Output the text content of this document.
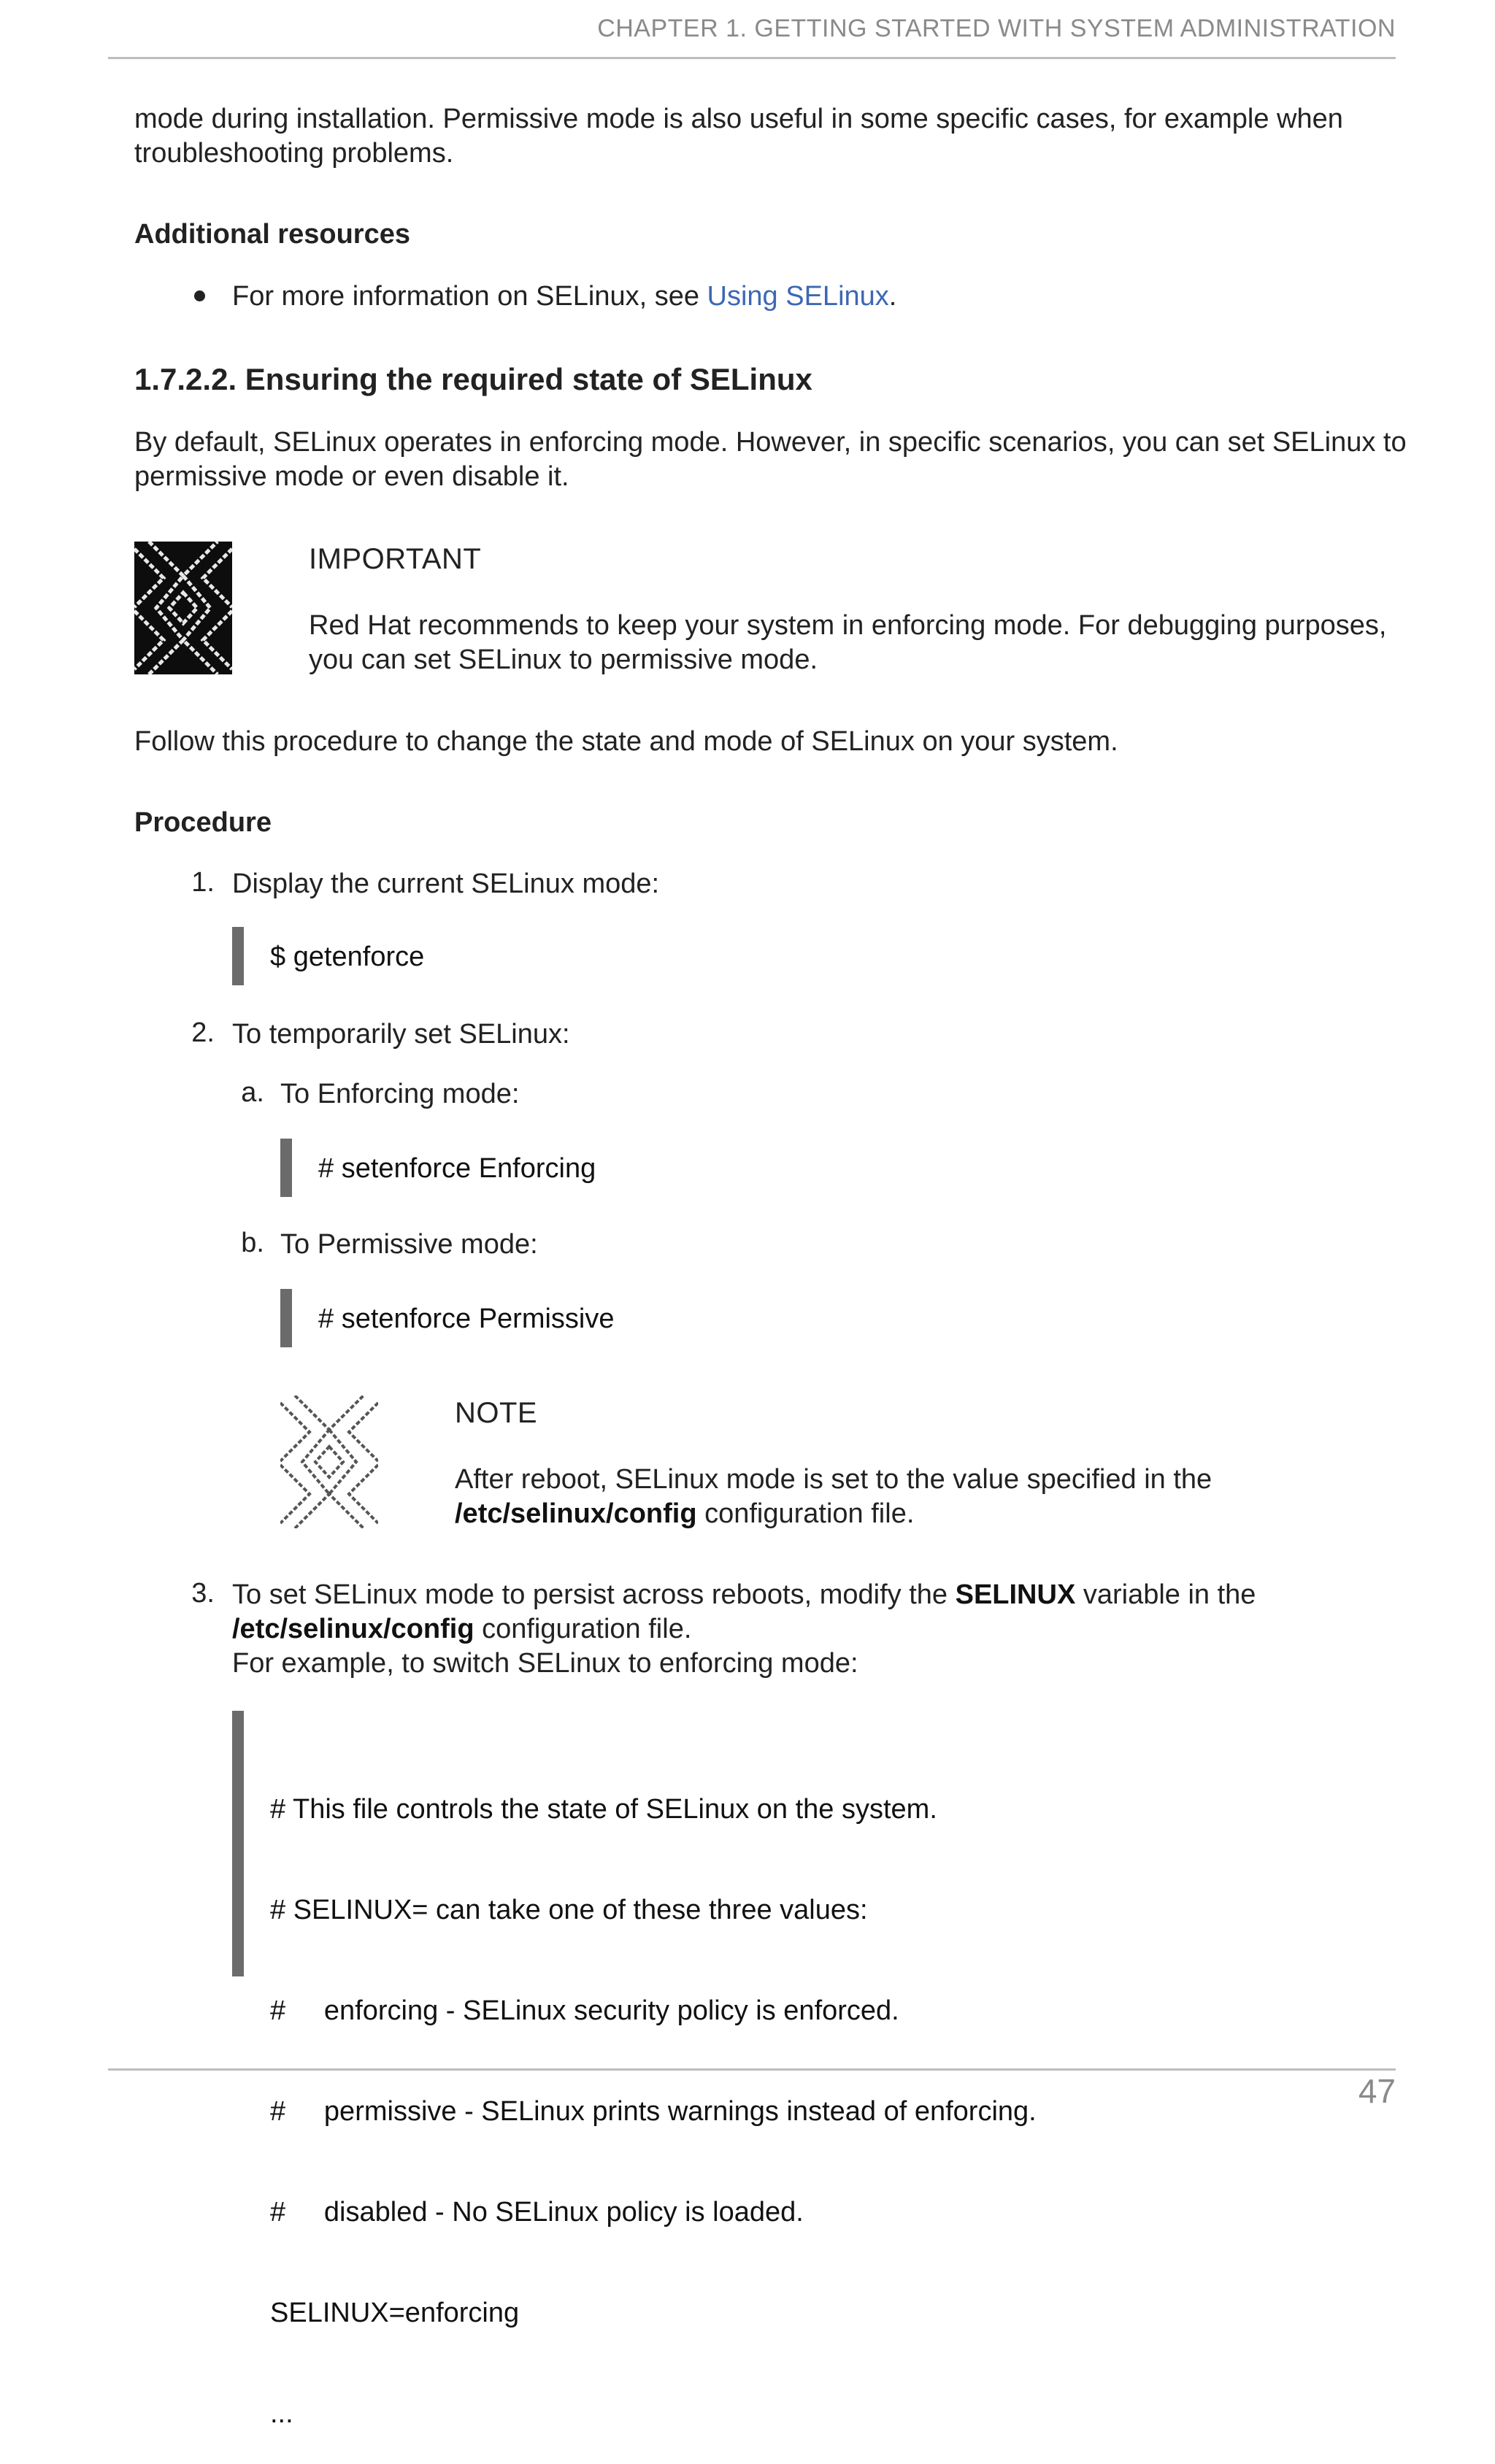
CHAPTER 1. GETTING STARTED WITH SYSTEM ADMINISTRATION
mode during installation. Permissive mode is also useful in some specific cases, for example when
troubleshooting problems.
Additional resources
For more information on SELinux, see Using SELinux.
1.7.2.2. Ensuring the required state of SELinux
By default, SELinux operates in enforcing mode. However, in specific scenarios, you can set SELinux to
permissive mode or even disable it.
IMPORTANT
Red Hat recommends to keep your system in enforcing mode. For debugging purposes,
you can set SELinux to permissive mode.
Follow this procedure to change the state and mode of SELinux on your system.
Procedure
1. Display the current SELinux mode:
$ getenforce
2. To temporarily set SELinux:
a. To Enforcing mode:
# setenforce Enforcing
b. To Permissive mode:
# setenforce Permissive
NOTE
After reboot, SELinux mode is set to the value specified in the
/etc/selinux/config configuration file.
3. To set SELinux mode to persist across reboots, modify the SELINUX variable in the
/etc/selinux/config configuration file.
For example, to switch SELinux to enforcing mode:

# This file controls the state of SELinux on the system.

# SELINUX= can take one of these three values:

#     enforcing - SELinux security policy is enforced.

#     permissive - SELinux prints warnings instead of enforcing.

#     disabled - No SELinux policy is loaded.

SELINUX=enforcing

...

47
